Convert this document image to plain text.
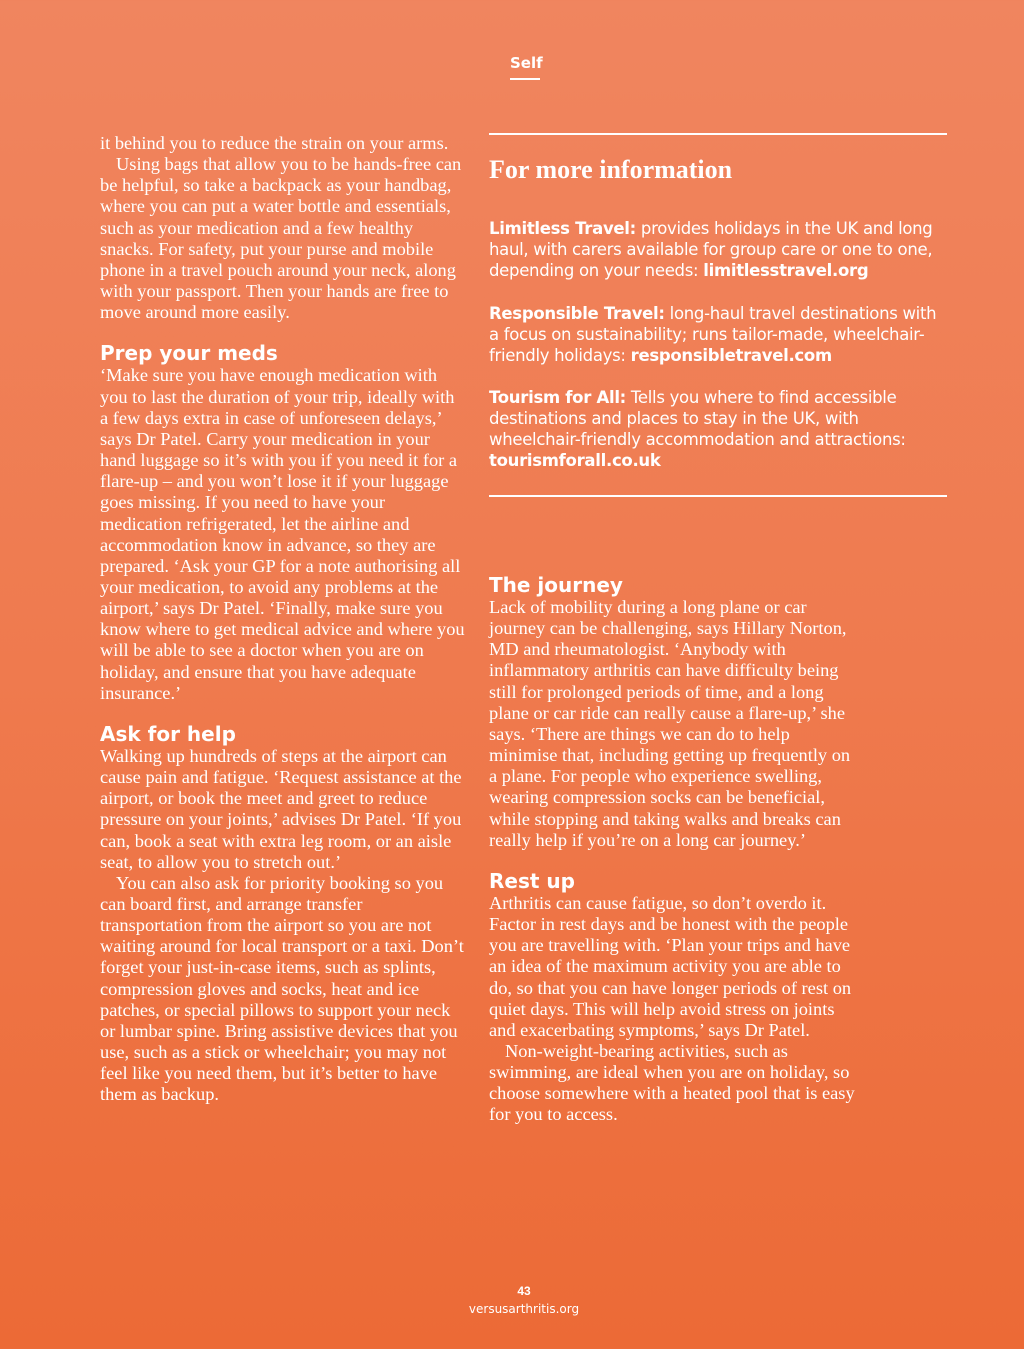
Self

it behind you to reduce the strain on your arms.

Using bags that allow you to be hands-free can be helpful, so take a backpack as your handbag, where you can put a water bottle and essentials, such as your medication and a few healthy snacks. For safety, put your purse and mobile phone in a travel pouch around your neck, along with your passport. Then your hands are free to move around more easily.

Prep your meds

‘Make sure you have enough medication with you to last the duration of your trip, ideally with a few days extra in case of unforeseen delays,’ says Dr Patel. Carry your medication in your hand luggage so it’s with you if you need it for a flare-up – and you won’t lose it if your luggage goes missing. If you need to have your medication refrigerated, let the airline and accommodation know in advance, so they are prepared. ‘Ask your GP for a note authorising all your medication, to avoid any problems at the airport,’ says Dr Patel. ‘Finally, make sure you know where to get medical advice and where you will be able to see a doctor when you are on holiday, and ensure that you have adequate insurance.’

Ask for help

Walking up hundreds of steps at the airport can cause pain and fatigue. ‘Request assistance at the airport, or book the meet and greet to reduce pressure on your joints,’ advises Dr Patel. ‘If you can, book a seat with extra leg room, or an aisle seat, to allow you to stretch out.’

You can also ask for priority booking so you can board first, and arrange transfer transportation from the airport so you are not waiting around for local transport or a taxi. Don’t forget your just-in-case items, such as splints, compression gloves and socks, heat and ice patches, or special pillows to support your neck or lumbar spine. Bring assistive devices that you use, such as a stick or wheelchair; you may not feel like you need them, but it’s better to have them as backup.

For more information

Limitless Travel: provides holidays in the UK and long haul, with carers available for group care or one to one, depending on your needs: limitlesstravel.org

Responsible Travel: long-haul travel destinations with a focus on sustainability; runs tailor-made, wheelchair-friendly holidays: responsibletravel.com

Tourism for All: Tells you where to find accessible destinations and places to stay in the UK, with wheelchair-friendly accommodation and attractions: tourismforall.co.uk

The journey

Lack of mobility during a long plane or car journey can be challenging, says Hillary Norton, MD and rheumatologist. ‘Anybody with inflammatory arthritis can have difficulty being still for prolonged periods of time, and a long plane or car ride can really cause a flare-up,’ she says. ‘There are things we can do to help minimise that, including getting up frequently on a plane. For people who experience swelling, wearing compression socks can be beneficial, while stopping and taking walks and breaks can really help if you’re on a long car journey.’

Rest up

Arthritis can cause fatigue, so don’t overdo it. Factor in rest days and be honest with the people you are travelling with. ‘Plan your trips and have an idea of the maximum activity you are able to do, so that you can have longer periods of rest on quiet days. This will help avoid stress on joints and exacerbating symptoms,’ says Dr Patel.

Non-weight-bearing activities, such as swimming, are ideal when you are on holiday, so choose somewhere with a heated pool that is easy for you to access.

43
versusarthritis.org
